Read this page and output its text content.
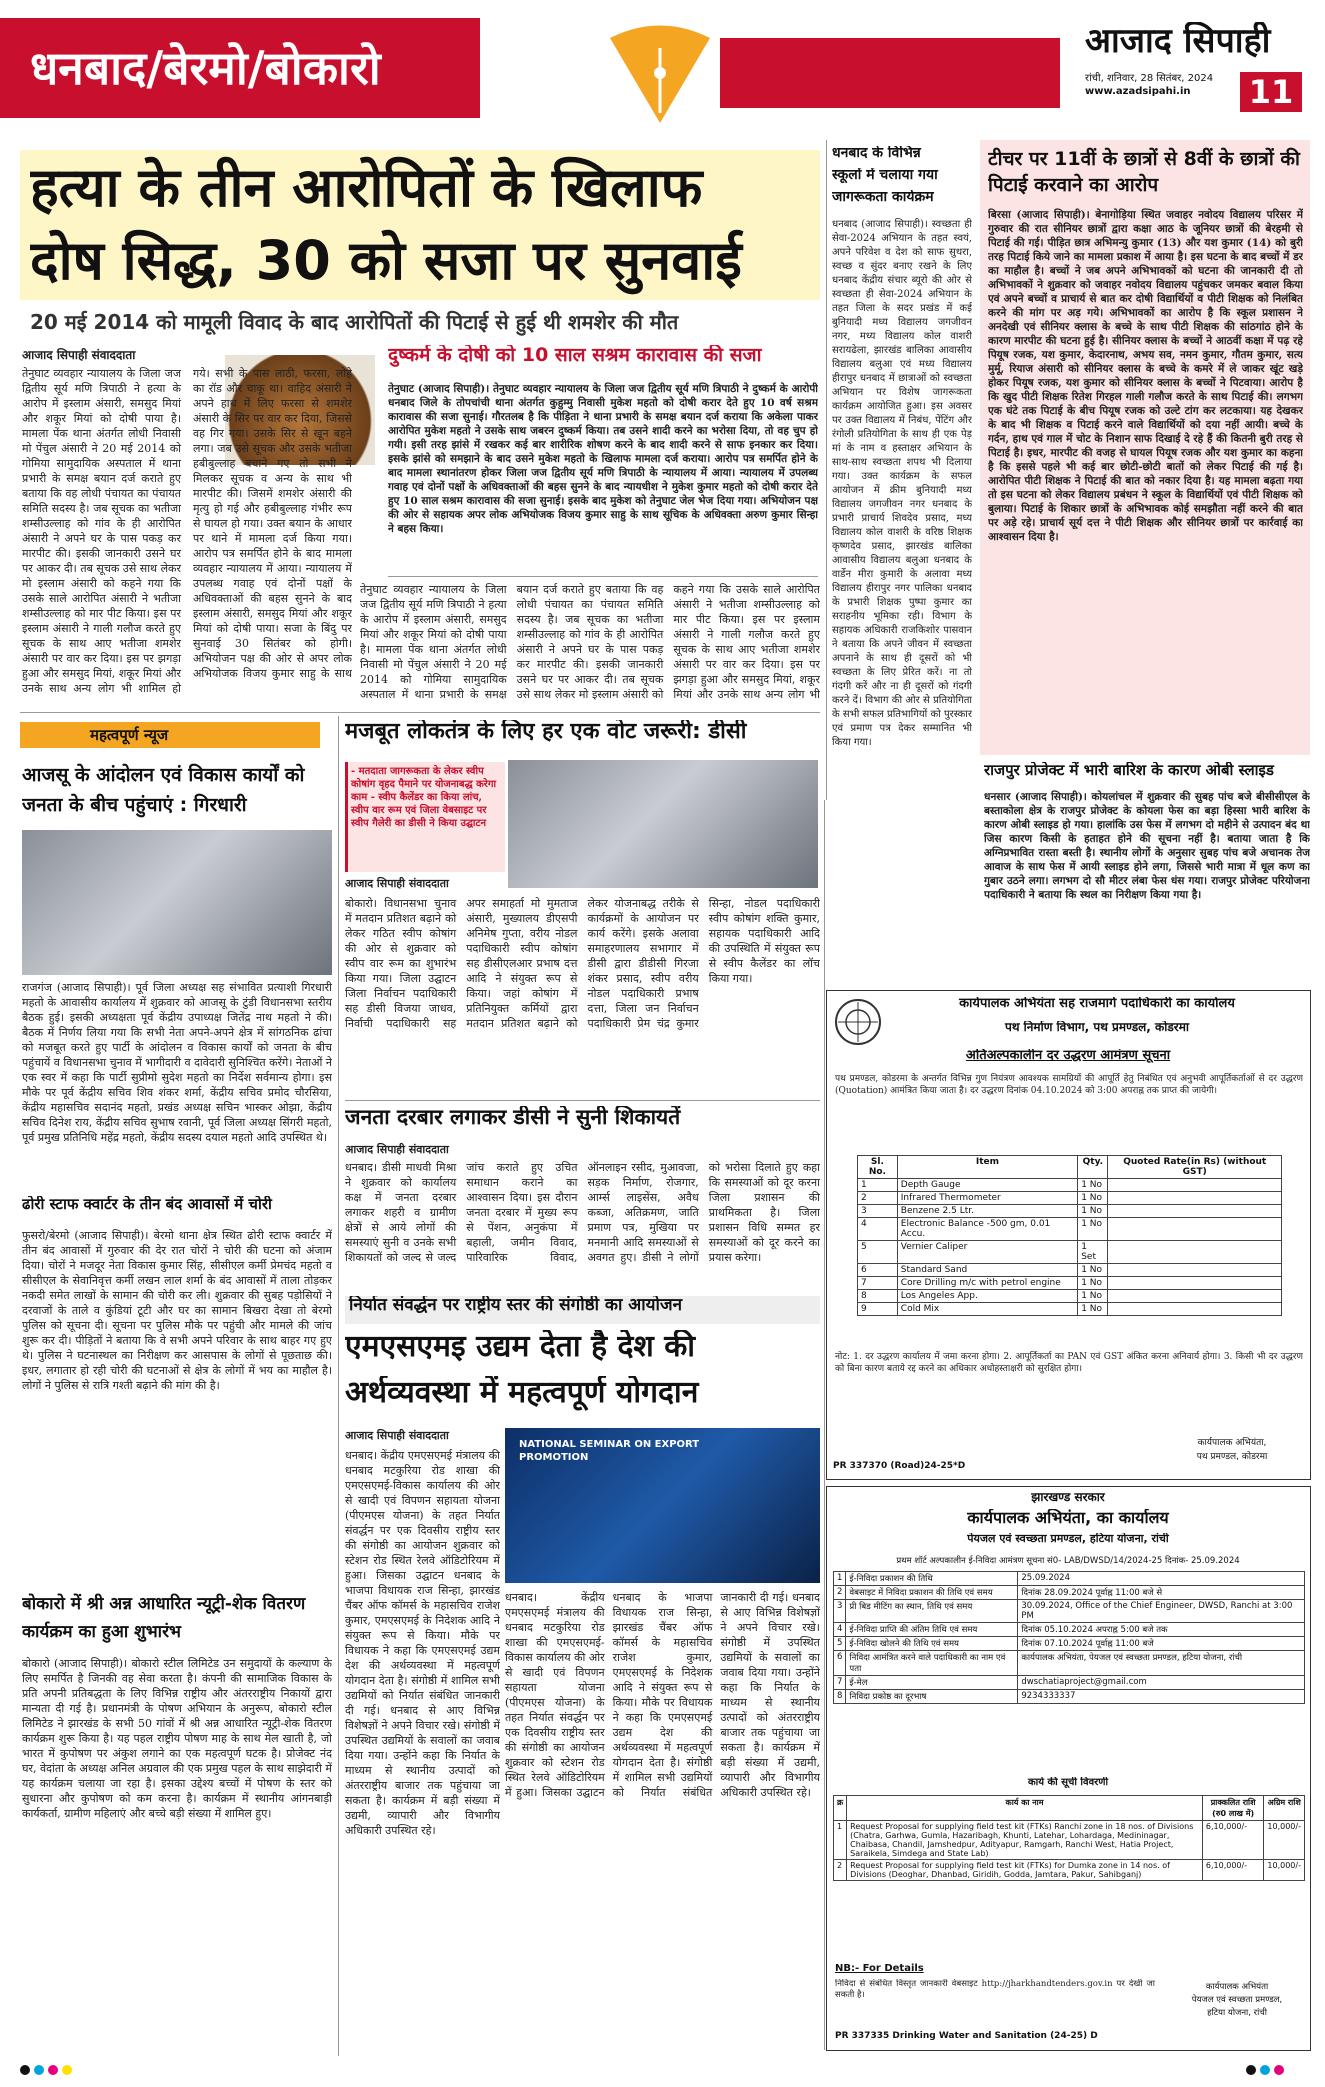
धनबाद/बेरमो/बोकारो	आजाद सिपाही
रांची, शनिवार, 28 सितंबर, 2024
www.azadsipahi.in	11
हत्या के तीन आरोपितों के खिलाफ
दोष सिद्ध, 30 को सजा पर सुनवाई
20 मई 2014 को मामूली विवाद के बाद आरोपितों की पिटाई से हुई थी शमशेर की मौत
आजाद सिपाही संवाददाता
तेनुघाट व्यवहार न्यायालय के जिला जज द्वितीय सूर्य मणि त्रिपाठी ने हत्या के आरोप में इस्लाम अंसारी, समसुद मियां और शकूर मियां को दोषी पाया है। मामला पेंक थाना अंतर्गत लोधी निवासी मो पेंचुल अंसारी ने 20 मई 2014 को गोमिया सामुदायिक अस्पताल में थाना प्रभारी के समक्ष बयान दर्ज कराते हुए बताया कि वह लोधी पंचायत का पंचायत समिति सदस्य है। जब सूचक का भतीजा शम्सीउल्लाह को गांव के ही आरोपित अंसारी ने अपने घर के पास पकड़ कर मारपीट की। इसकी जानकारी उसने घर पर आकर दी। तब सूचक उसे साथ लेकर मो इस्लाम अंसारी को कहने गया कि उसके साले आरोपित अंसारी ने भतीजा शम्सीउल्लाह को मार पीट किया। इस पर इस्लाम अंसारी ने गाली गलौज करते हुए सूचक के साथ आए भतीजा शमशेर अंसारी पर वार कर दिया। इस पर झगड़ा हुआ और समसुद मियां, शकूर मियां और उनके साथ अन्य लोग भी शामिल हो गये। सभी के पास लाठी, फरसा, लोहे का रॉड और चाकू था। वाहिद अंसारी ने अपने हाथ में लिए फरसा से शमशेर अंसारी के सिर पर वार कर दिया, जिससे वह गिर गया। उसके सिर से खून बहने लगा। जब उसे सूचक और उसके भतीजा हबीबुल्लाह बचाने गए तो सभी ने मिलकर सूचक व अन्य के साथ भी मारपीट की। जिसमें शमशेर अंसारी की मृत्यु हो गई और हबीबुल्लाह गंभीर रूप से घायल हो गया। उक्त बयान के आधार पर थाने में मामला दर्ज किया गया। आरोप पत्र समर्पित होने के बाद मामला व्यवहार न्यायालय में आया। न्यायालय में उपलब्ध गवाह एवं दोनों पक्षों के अधिवक्ताओं की बहस सुनने के बाद इस्लाम अंसारी, समसुद मियां और शकूर मियां को दोषी पाया। सजा के बिंदु पर सुनवाई 30 सितंबर को होगी। अभियोजन पक्ष की ओर से अपर लोक अभियोजक विजय कुमार साहु के साथ
दुष्कर्म के दोषी को 10 साल सश्रम कारावास की सजा
तेनुघाट (आजाद सिपाही)। तेनुघाट व्यवहार न्यायालय के जिला जज द्वितीय सूर्य मणि त्रिपाठी ने दुष्कर्म के आरोपी धनबाद जिले के तोपचांची थाना अंतर्गत कुहुम्मु निवासी मुकेश महतो को दोषी करार देते हुए 10 वर्ष सश्रम कारावास की सजा सुनाई। गौरतलब है कि पीड़िता ने थाना प्रभारी के समक्ष बयान दर्ज कराया कि अकेला पाकर आरोपित मुकेश महतो ने उसके साथ जबरन दुष्कर्म किया। तब उसने शादी करने का भरोसा दिया, तो वह चुप हो गयी। इसी तरह झांसे में रखकर कई बार शारीरिक शोषण करने के बाद शादी करने से साफ इनकार कर दिया। इसके झांसे को समझाने के बाद उसने मुकेश महतो के खिलाफ मामला दर्ज कराया। आरोप पत्र समर्पित होने के बाद मामला स्थानांतरण होकर जिला जज द्वितीय सूर्य मणि त्रिपाठी के न्यायालय में आया। न्यायालय में उपलब्ध गवाह एवं दोनों पक्षों के अधिवक्ताओं की बहस सुनने के बाद न्यायधीश ने मुकेश कुमार महतो को दोषी करार देते हुए 10 साल सश्रम कारावास की सजा सुनाई। इसके बाद मुकेश को तेनुघाट जेल भेज दिया गया। अभियोजन पक्ष की ओर से सहायक अपर लोक अभियोजक विजय कुमार साहु के साथ सूचिक के अधिवक्ता अरुण कुमार सिन्हा ने बहस किया।
तेनुघाट व्यवहार न्यायालय के जिला जज द्वितीय सूर्य मणि त्रिपाठी ने हत्या के आरोप में इस्लाम अंसारी, समसुद मियां और शकूर मियां को दोषी पाया है। मामला पेंक थाना अंतर्गत लोधी निवासी मो पेंचुल अंसारी ने 20 मई 2014 को गोमिया सामुदायिक अस्पताल में थाना प्रभारी के समक्ष बयान दर्ज कराते हुए बताया कि वह लोधी पंचायत का पंचायत समिति सदस्य है। जब सूचक का भतीजा शम्सीउल्लाह को गांव के ही आरोपित अंसारी ने अपने घर के पास पकड़ कर मारपीट की। इसकी जानकारी उसने घर पर आकर दी। तब सूचक उसे साथ लेकर मो इस्लाम अंसारी को कहने गया कि उसके साले आरोपित अंसारी ने भतीजा शम्सीउल्लाह को मार पीट किया। इस पर इस्लाम अंसारी ने गाली गलौज करते हुए सूचक के साथ आए भतीजा शमशेर अंसारी पर वार कर दिया। इस पर झगड़ा हुआ और समसुद मियां, शकूर मियां और उनके साथ अन्य लोग भी
धनबाद के विभिन्न
स्कूलों में चलाया गया
जागरूकता कार्यक्रम
धनबाद (आजाद सिपाही)। स्वच्छता ही सेवा-2024 अभियान के तहत स्वयं, अपने परिवेश व देश को साफ सुथरा, स्वच्छ व सुंदर बनाए रखने के लिए धनबाद केंद्रीय संचार ब्यूरो की ओर से स्वच्छता ही सेवा-2024 अभियान के तहत जिला के सदर प्रखंड में कई बुनियादी मध्य विद्यालय जगजीवन नगर, मध्य विद्यालय कोल वाशरी सरायढेला, झारखंड बालिका आवासीय विद्यालय बलुआ एवं मध्य विद्यालय हीरापुर धनबाद में छात्राओं को स्वच्छता अभियान पर विशेष जागरूकता कार्यक्रम आयोजित हुआ। इस अवसर पर उक्त विद्यालय में निबंध, पेंटिंग और रंगोली प्रतियोगिता के साथ ही एक पेड़ मां के नाम व हस्ताक्षर अभियान के साथ-साथ स्वच्छता शपथ भी दिलाया गया। उक्त कार्यक्रम के सफल आयोजन में क्रीम बुनियादी मध्य विद्यालय जगजीवन नगर धनबाद के प्रभारी प्राचार्य शिवदेव प्रसाद, मध्य विद्यालय कोल वाशरी के वरिष्ठ शिक्षक कृष्णदेव प्रसाद, झारखंड बालिका आवासीय विद्यालय बलुआ धनबाद के वार्डेन मीरा कुमारी के अलावा मध्य विद्यालय हीरापुर नगर पालिका धनबाद के प्रभारी शिक्षक पुष्पा कुमार का सराहनीय भूमिका रही। विभाग के सहायक अधिकारी राजकिशोर पासवान ने बताया कि अपने जीवन में स्वच्छता अपनाने के साथ ही दूसरों को भी स्वच्छता के लिए प्रेरित करें। ना तो गंदगी करें और ना ही दूसरों को गंदगी करने दें। विभाग की ओर से प्रतियोगिता के सभी सफल प्रतिभागियों को पुरस्कार एवं प्रमाण पत्र देकर सम्मानित भी किया गया।
टीचर पर 11वीं के छात्रों से 8वीं के छात्रों की पिटाई करवाने का आरोप
बिरसा (आजाद सिपाही)। बेनागोड़िया स्थित जवाहर नवोदय विद्यालय परिसर में गुरुवार की रात सीनियर छात्रों द्वारा कक्षा आठ के जूनियर छात्रों की बेरहमी से पिटाई की गई। पीड़ित छात्र अभिमन्यु कुमार (13) और यश कुमार (14) को बुरी तरह पिटाई किये जाने का मामला प्रकाश में आया है। इस घटना के बाद बच्चों में डर का माहौल है। बच्चों ने जब अपने अभिभावकों को घटना की जानकारी दी तो अभिभावकों ने शुक्रवार को जवाहर नवोदय विद्यालय पहुंचकर जमकर बवाल किया एवं अपने बच्चों व प्राचार्य से बात कर दोषी विद्यार्थियों व पीटी शिक्षक को निलंबित करने की मांग पर अड़ गये। अभिभावकों का आरोप है कि स्कूल प्रशासन ने अनदेखी एवं सीनियर क्लास के बच्चे के साथ पीटी शिक्षक की सांठगांठ होने के कारण मारपीट की घटना हुई है। सीनियर क्लास के बच्चों ने आठवीं कक्षा में पढ़ रहे पियूष रजक, यश कुमार, केदारनाथ, अभय सव, नमन कुमार, गौतम कुमार, सत्य मुर्मू, रियाज अंसारी को सीनियर क्लास के बच्चे के कमरे में ले जाकर खूंट खड़े होकर पियूष रजक, यश कुमार को सीनियर क्लास के बच्चों ने पिटवाया। आरोप है कि खुद पीटी शिक्षक रितेश गिरहल गाली गलौज करते के साथ पिटाई की। लगभग एक घंटे तक पिटाई के बीच पियूष रजक को उल्टे टांग कर लटकाया। यह देखकर के बाद भी शिक्षक व पिटाई करने वाले विद्यार्थियों को दया नहीं आयी। बच्चे के गर्दन, हाथ एवं गाल में चोट के निशान साफ दिखाई दे रहे हैं की कितनी बुरी तरह से पिटाई है। इधर, मारपीट की वजह से घायल पियूष रजक और यश कुमार का कहना है कि इससे पहले भी कई बार छोटी-छोटी बातों को लेकर पिटाई की गई है। आरोपित पीटी शिक्षक ने पिटाई की बात को नकार दिया है। यह मामला बढ़ता गया तो इस घटना को लेकर विद्यालय प्रबंधन ने स्कूल के विद्यार्थियों एवं पीटी शिक्षक को बुलाया। पिटाई के शिकार छात्रों के अभिभावक कोई समझौता नहीं करने की बात पर अड़े रहे। प्राचार्य सूर्य दत्त ने पीटी शिक्षक और सीनियर छात्रों पर कार्रवाई का आश्वासन दिया है।
राजपुर प्रोजेक्ट में भारी बारिश के कारण ओबी स्लाइड
धनसार (आजाद सिपाही)। कोयलांचल में शुक्रवार की सुबह पांच बजे बीसीसीएल के बस्ताकोला क्षेत्र के राजपुर प्रोजेक्ट के कोयला फेस का बड़ा हिस्सा भारी बारिश के कारण ओबी स्लाइड हो गया। हालांकि उस फेस में लगभग दो महीने से उत्पादन बंद था जिस कारण किसी के हताहत होने की सूचना नहीं है। बताया जाता है कि अग्निप्रभावित रास्ता बस्ती है। स्थानीय लोगों के अनुसार सुबह पांच बजे अचानक तेज आवाज के साथ फेस में आयी स्लाइड होने लगा, जिससे भारी मात्रा में धूल कण का गुबार उठने लगा। लगभग दो सौ मीटर लंबा फेस धंस गया। राजपुर प्रोजेक्ट परियोजना पदाधिकारी ने बताया कि स्थल का निरीक्षण किया गया है।
महत्वपूर्ण न्यूज
आजसू के आंदोलन एवं विकास कार्यों को जनता के बीच पहुंचाएं : गिरधारी
राजगंज (आजाद सिपाही)। पूर्व जिला अध्यक्ष सह संभावित प्रत्याशी गिरधारी महतो के आवासीय कार्यालय में शुक्रवार को आजसू के टुंडी विधानसभा स्तरीय बैठक हुई। इसकी अध्यक्षता पूर्व केंद्रीय उपाध्यक्ष जितेंद्र नाथ महतो ने की। बैठक में निर्णय लिया गया कि सभी नेता अपने-अपने क्षेत्र में सांगठनिक ढांचा को मजबूत करते हुए पार्टी के आंदोलन व विकास कार्यों को जनता के बीच पहुंचायें व विधानसभा चुनाव में भागीदारी व दावेदारी सुनिश्चित करेंगे। नेताओं ने एक स्वर में कहा कि पार्टी सुप्रीमो सुदेश महतो का निर्देश सर्वमान्य होगा। इस मौके पर पूर्व केंद्रीय सचिव शिव शंकर शर्मा, केंद्रीय सचिव प्रमोद चौरसिया, केंद्रीय महासचिव सदानंद महतो, प्रखंड अध्यक्ष सचिन भास्कर ओझा, केंद्रीय सचिव दिनेश राय, केंद्रीय सचिव सुभाष रवानी, पूर्व जिला अध्यक्ष सिंगरी महतो, पूर्व प्रमुख प्रतिनिधि महेंद्र महतो, केंद्रीय सदस्य दयाल महतो आदि उपस्थित थे।
ढोरी स्टाफ क्वार्टर के तीन बंद आवासों में चोरी
फुसरो/बेरमो (आजाद सिपाही)। बेरमो थाना क्षेत्र स्थित ढोरी स्टाफ क्वार्टर में तीन बंद आवासों में गुरुवार की देर रात चोरों ने चोरी की घटना को अंजाम दिया। चोरों ने मजदूर नेता विकास कुमार सिंह, सीसीएल कर्मी प्रेमचंद महतो व सीसीएल के सेवानिवृत्त कर्मी लखन लाल शर्मा के बंद आवासों में ताला तोड़कर नकदी समेत लाखों के सामान की चोरी कर ली। शुक्रवार की सुबह पड़ोसियों ने दरवाजों के ताले व कुंडियां टूटी और घर का सामान बिखरा देखा तो बेरमो पुलिस को सूचना दी। सूचना पर पुलिस मौके पर पहुंची और मामले की जांच शुरू कर दी। पीड़ितों ने बताया कि वे सभी अपने परिवार के साथ बाहर गए हुए थे। पुलिस ने घटनास्थल का निरीक्षण कर आसपास के लोगों से पूछताछ की। इधर, लगातार हो रही चोरी की घटनाओं से क्षेत्र के लोगों में भय का माहौल है। लोगों ने पुलिस से रात्रि गश्ती बढ़ाने की मांग की है।
बोकारो में श्री अन्न आधारित न्यूट्री-शेक वितरण कार्यक्रम का हुआ शुभारंभ
बोकारो (आजाद सिपाही)। बोकारो स्टील लिमिटेड उन समुदायों के कल्याण के लिए समर्पित है जिनकी वह सेवा करता है। कंपनी की सामाजिक विकास के प्रति अपनी प्रतिबद्धता के लिए विभिन्न राष्ट्रीय और अंतरराष्ट्रीय निकायों द्वारा मान्यता दी गई है। प्रधानमंत्री के पोषण अभियान के अनुरूप, बोकारो स्टील लिमिटेड ने झारखंड के सभी 50 गांवों में श्री अन्न आधारित न्यूट्री-शेक वितरण कार्यक्रम शुरू किया है। यह पहल राष्ट्रीय पोषण माह के साथ मेल खाती है, जो भारत में कुपोषण पर अंकुश लगाने का एक महत्वपूर्ण घटक है। प्रोजेक्ट नंद घर, वेदांता के अध्यक्ष अनिल अग्रवाल की एक प्रमुख पहल के साथ साझेदारी में यह कार्यक्रम चलाया जा रहा है। इसका उद्देश्य बच्चों में पोषण के स्तर को सुधारना और कुपोषण को कम करना है। कार्यक्रम में स्थानीय आंगनबाड़ी कार्यकर्ता, ग्रामीण महिलाएं और बच्चे बड़ी संख्या में शामिल हुए।
मजबूत लोकतंत्र के लिए हर एक वोट जरूरी: डीसी
- मतदाता जागरूकता के लेकर स्वीप कोषांग वृहद पैमाने पर योजनाबद्ध करेगा काम - स्वीप कैलेंडर का किया लांच, स्वीप वार रूम एवं जिला वेबसाइट पर स्वीप गैलेरी का डीसी ने किया उद्घाटन
आजाद सिपाही संवाददाता
बोकारो। विधानसभा चुनाव में मतदान प्रतिशत बढ़ाने को लेकर गठित स्वीप कोषांग की ओर से शुक्रवार को स्वीप वार रूम का शुभारंभ किया गया। जिला उद्घाटन जिला निर्वाचन पदाधिकारी सह डीसी विजया जाधव, निर्वाची पदाधिकारी सह अपर समाहर्ता मो मुमताज अंसारी, मुख्यालय डीएसपी अनिमेष गुप्ता, वरीय नोडल पदाधिकारी स्वीप कोषांग सह डीसीएलआर प्रभाष दत्त आदि ने संयुक्त रूप से किया। जहां कोषांग में प्रतिनियुक्त कर्मियों द्वारा मतदान प्रतिशत बढ़ाने को लेकर योजनाबद्ध तरीके से कार्यक्रमों के आयोजन पर कार्य करेंगे। इसके अलावा समाहरणालय सभागार में डीसी द्वारा डीडीसी गिरजा शंकर प्रसाद, स्वीप वरीय नोडल पदाधिकारी प्रभाष दत्ता, जिला जन निर्वाचन पदाधिकारी प्रेम चंद्र कुमार सिन्हा, नोडल पदाधिकारी स्वीप कोषांग शक्ति कुमार, सहायक पदाधिकारी आदि की उपस्थिति में संयुक्त रूप से स्वीप कैलेंडर का लॉच किया गया।
जनता दरबार लगाकर डीसी ने सुनी शिकायतें
आजाद सिपाही संवाददाता
धनबाद। डीसी माधवी मिश्रा ने शुक्रवार को कार्यालय कक्ष में जनता दरबार लगाकर शहरी व ग्रामीण क्षेत्रों से आये लोगों की समस्याएं सुनी व उनके सभी शिकायतों को जल्द से जल्द जांच कराते हुए उचित समाधान कराने का आश्वासन दिया। इस दौरान जनता दरबार में मुख्य रूप से पेंशन, अनुकंपा में बहाली, जमीन विवाद, पारिवारिक विवाद, ऑनलाइन रसीद, मुआवजा, सड़क निर्माण, रोजगार, आर्म्स लाइसेंस, अवैध कब्जा, अतिक्रमण, जाति प्रमाण पत्र, मुखिया पर मनमानी आदि समस्याओं से अवगत हुए। डीसी ने लोगों को भरोसा दिलाते हुए कहा कि समस्याओं को दूर करना जिला प्रशासन की प्राथमिकता है। जिला प्रशासन विधि सम्मत हर समस्याओं को दूर करने का प्रयास करेगा।
निर्यात संवर्द्धन पर राष्ट्रीय स्तर की संगोष्ठी का आयोजन
एमएसएमइ उद्यम देता है देश की
अर्थव्यवस्था में महत्वपूर्ण योगदान
आजाद सिपाही संवाददाता
NATIONAL SEMINAR ON EXPORT PROMOTION
धनबाद। केंद्रीय एमएसएमई मंत्रालय की धनबाद मटकुरिया रोड शाखा की एमएसएमई-विकास कार्यालय की ओर से खादी एवं विपणन सहायता योजना (पीएमएस योजना) के तहत निर्यात संवर्द्धन पर एक दिवसीय राष्ट्रीय स्तर की संगोष्ठी का आयोजन शुक्रवार को स्टेशन रोड स्थित रेलवे ऑडिटोरियम में हुआ। जिसका उद्घाटन धनबाद के भाजपा विधायक राज सिन्हा, झारखंड चैंबर ऑफ कॉमर्स के महासचिव राजेश कुमार, एमएसएमई के निदेशक आदि ने संयुक्त रूप से किया। मौके पर विधायक ने कहा कि एमएसएमई उद्यम देश की अर्थव्यवस्था में महत्वपूर्ण योगदान देता है। संगोष्ठी में शामिल सभी उद्यमियों को निर्यात संबंधित जानकारी दी गई। धनबाद से आए विभिन्न विशेषज्ञों ने अपने विचार रखे। संगोष्ठी में उपस्थित उद्यमियों के सवालों का जवाब दिया गया। उन्होंने कहा कि निर्यात के माध्यम से स्थानीय उत्पादों को अंतरराष्ट्रीय बाजार तक पहुंचाया जा सकता है। कार्यक्रम में बड़ी संख्या में उद्यमी, व्यापारी और विभागीय अधिकारी उपस्थित रहे।
धनबाद। केंद्रीय एमएसएमई मंत्रालय की धनबाद मटकुरिया रोड शाखा की एमएसएमई-विकास कार्यालय की ओर से खादी एवं विपणन सहायता योजना (पीएमएस योजना) के तहत निर्यात संवर्द्धन पर एक दिवसीय राष्ट्रीय स्तर की संगोष्ठी का आयोजन शुक्रवार को स्टेशन रोड स्थित रेलवे ऑडिटोरियम में हुआ। जिसका उद्घाटन धनबाद के भाजपा विधायक राज सिन्हा, झारखंड चैंबर ऑफ कॉमर्स के महासचिव राजेश कुमार, एमएसएमई के निदेशक आदि ने संयुक्त रूप से किया। मौके पर विधायक ने कहा कि एमएसएमई उद्यम देश की अर्थव्यवस्था में महत्वपूर्ण योगदान देता है। संगोष्ठी में शामिल सभी उद्यमियों को निर्यात संबंधित जानकारी दी गई। धनबाद से आए विभिन्न विशेषज्ञों ने अपने विचार रखे। संगोष्ठी में उपस्थित उद्यमियों के सवालों का जवाब दिया गया। उन्होंने कहा कि निर्यात के माध्यम से स्थानीय उत्पादों को अंतरराष्ट्रीय बाजार तक पहुंचाया जा सकता है। कार्यक्रम में बड़ी संख्या में उद्यमी, व्यापारी और विभागीय अधिकारी उपस्थित रहे।
कार्यपालक अभियंता सह राजमार्ग पदाधिकारी का कार्यालय
पथ निर्माण विभाग, पथ प्रमण्डल, कोडरमा
अतिअल्पकालीन दर उद्धरण आमंत्रण सूचना
पथ प्रमण्डल, कोडरमा के अन्तर्गत विभिन्न गुण नियंत्रण आवश्यक सामग्रियों की आपूर्ति हेतु निबंधित एवं अनुभवी आपूर्तिकर्ताओं से दर उद्धरण (Quotation) आमंत्रित किया जाता है। दर उद्धरण दिनांक 04.10.2024 को 3:00 अपराह्न तक प्राप्त की जायेगी।
Sl. No.	Item	Qty.	Quoted Rate(in Rs) (without GST)
1	Depth Gauge	1 No	
2	Infrared Thermometer	1 No	
3	Benzene 2.5 Ltr.	1 No	
4	Electronic Balance -500 gm, 0.01 Accu.	1 No	
5	Vernier Caliper	1 Set	
6	Standard Sand	1 No	
7	Core Drilling m/c with petrol engine	1 No	
8	Los Angeles App.	1 No	
9	Cold Mix	1 No	
नोट: 1. दर उद्धरण कार्यालय में जमा करना होगा। 2. आपूर्तिकर्ता का PAN एवं GST अंकित करना अनिवार्य होगा। 3. किसी भी दर उद्धरण को बिना कारण बताये रद्द करने का अधिकार अधोहस्ताक्षरी को सुरक्षित होगा।
कार्यपालक अभियंता,
पथ प्रमण्डल, कोडरमा
PR 337370 (Road)24-25*D
झारखण्ड सरकार
कार्यपालक अभियंता, का कार्यालय
पेयजल एवं स्वच्छता प्रमण्डल, हटिया योजना, रांची
प्रथम शॉर्ट अल्पकालीन ई-निविदा आमंत्रण सूचना सं0- LAB/DWSD/14/2024-25 दिनांक- 25.09.2024
1	ई-निविदा प्रकाशन की तिथि	25.09.2024
2	वेबसाइट में निविदा प्रकाशन की तिथि एवं समय	दिनांक 28.09.2024 पूर्वाह्न 11:00 बजे से
3	प्री बिड मीटिंग का स्थान, तिथि एवं समय	30.09.2024, Office of the Chief Engineer, DWSD, Ranchi at 3:00 PM
4	ई-निविदा प्राप्ति की अंतिम तिथि एवं समय	दिनांक 05.10.2024 अपराह्न 5:00 बजे तक
5	ई-निविदा खोलने की तिथि एवं समय	दिनांक 07.10.2024 पूर्वाह्न 11:00 बजे
6	निविदा आमंत्रित करने वाले पदाधिकारी का नाम एवं पता	कार्यपालक अभियंता, पेयजल एवं स्वच्छता प्रमण्डल, हटिया योजना, रांची
7	ई-मेल	dwschatiaproject@gmail.com
8	निविदा प्रकोष्ठ का दूरभाष	9234333337
कार्य की सूची विवरणी
क्र	कार्य का नाम	प्राक्कलित राशि (रु0 लाख में)	अग्रिम राशि
1	Request Proposal for supplying field test kit (FTKs) Ranchi zone in 18 nos. of Divisions (Chatra, Garhwa, Gumla, Hazaribagh, Khunti, Latehar, Lohardaga, Medininagar, Chaibasa, Chandil, Jamshedpur, Adityapur, Ramgarh, Ranchi West, Hatia Project, Saraikela, Simdega and State Lab)	6,10,000/-	10,000/-
2	Request Proposal for supplying field test kit (FTKs) for Dumka zone in 14 nos. of Divisions (Deoghar, Dhanbad, Giridih, Godda, Jamtara, Pakur, Sahibganj)	6,10,000/-	10,000/-
NB:- For Details
निविदा से संबंधित विस्तृत जानकारी वेबसाइट http://jharkhandtenders.gov.in पर देखी जा सकती है।
कार्यपालक अभियंता
पेयजल एवं स्वच्छता प्रमण्डल,
हटिया योजना, रांची
PR 337335 Drinking Water and Sanitation (24-25) D
